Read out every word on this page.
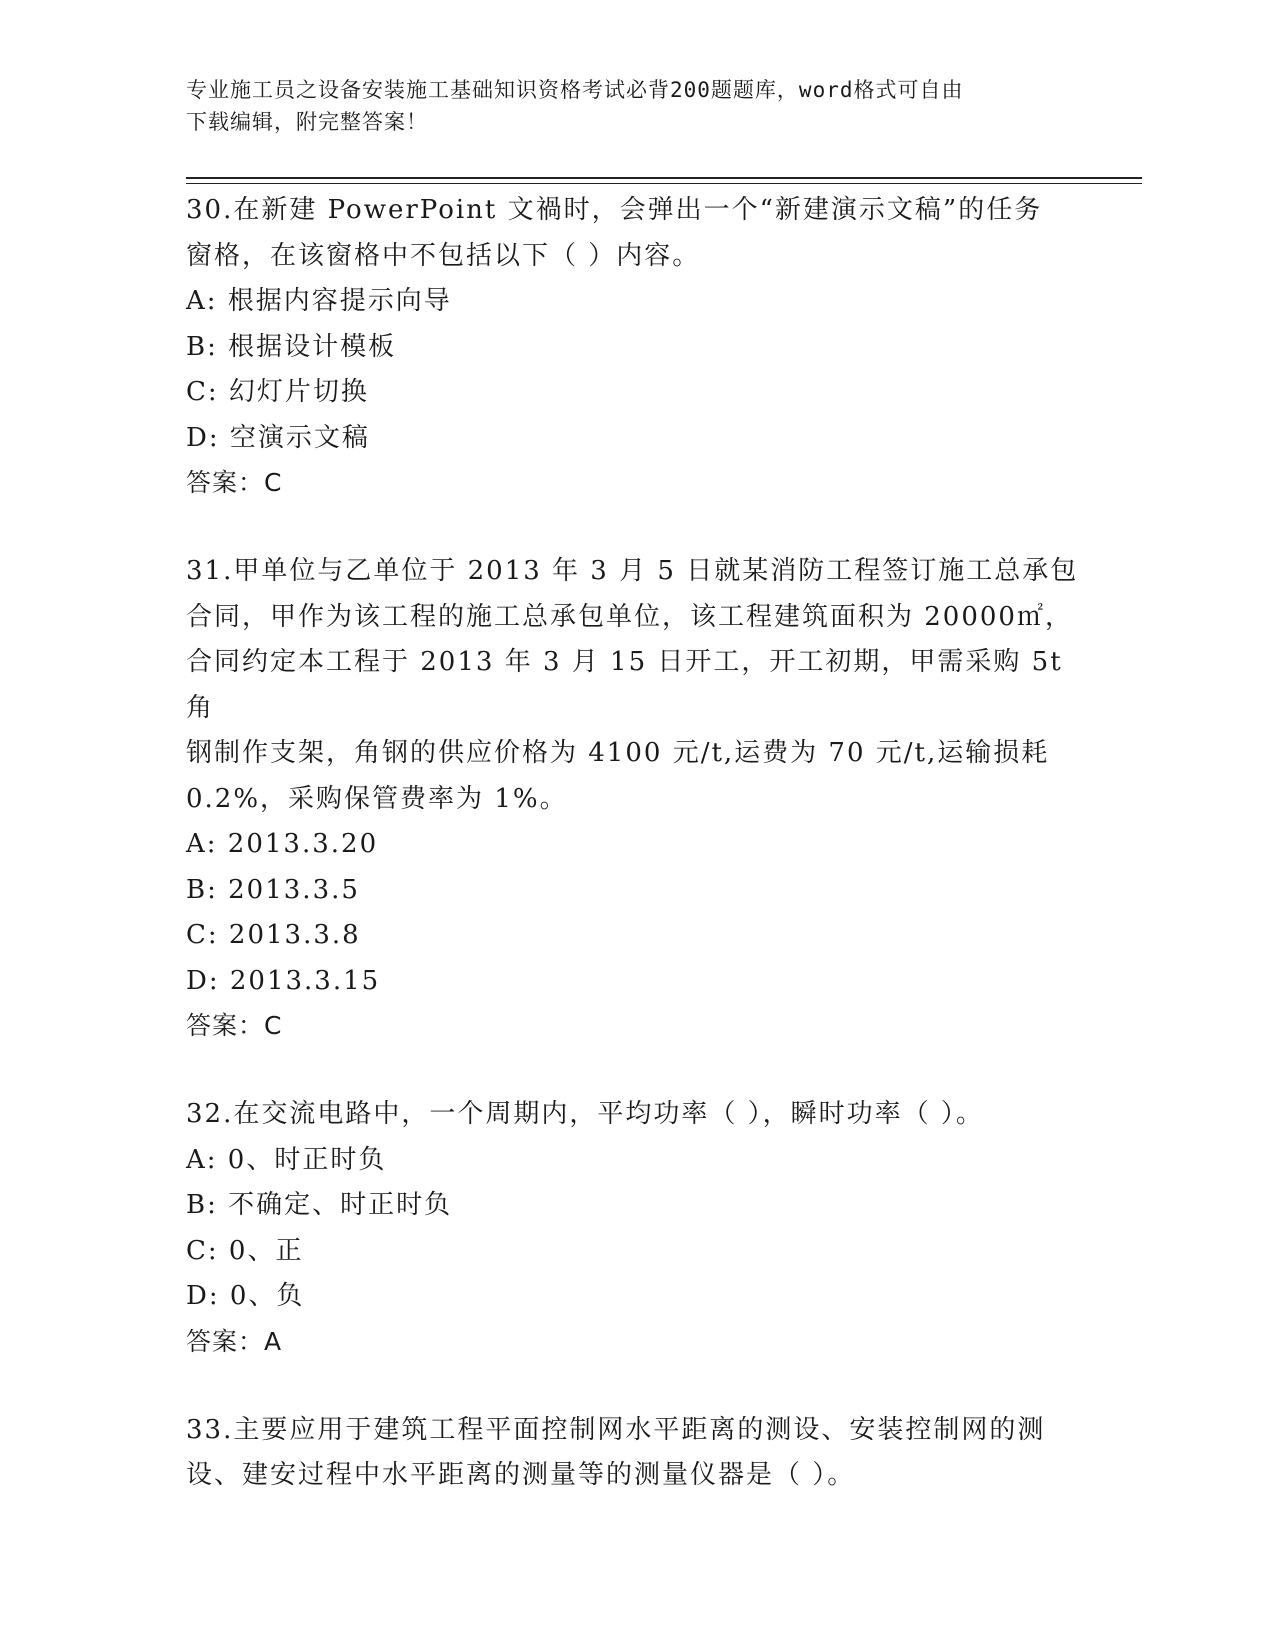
专业施工员之设备安装施工基础知识资格考试必背200题题库，word格式可自由
下载编辑，附完整答案！

30.在新建 PowerPoint 文禍时，会弹出一个“新建演示文稿”的任务

窗格，在该窗格中不包括以下（ ）内容。

A: 根据内容提示向导

B: 根据设计模板

C: 幻灯片切换

D: 空演示文稿

答案：C

31.甲单位与乙单位于 2013 年 3 月 5 日就某消防工程签订施工总承包

合同，甲作为该工程的施工总承包单位，该工程建筑面积为 20000㎡，

合同约定本工程于 2013 年 3 月 15 日开工，开工初期，甲需采购 5t 角

钢制作支架，角钢的供应价格为 4100 元/t,运费为 70 元/t,运输损耗

0.2%，采购保管费率为 1%。

A: 2013.3.20

B: 2013.3.5

C: 2013.3.8

D: 2013.3.15

答案：C

32.在交流电路中，一个周期内，平均功率（ ），瞬时功率（ ）。

A: 0、时正时负

B: 不确定、时正时负

C: 0、正

D: 0、负

答案：A

33.主要应用于建筑工程平面控制网水平距离的测设、安装控制网的测

设、建安过程中水平距离的测量等的测量仪器是（ ）。
